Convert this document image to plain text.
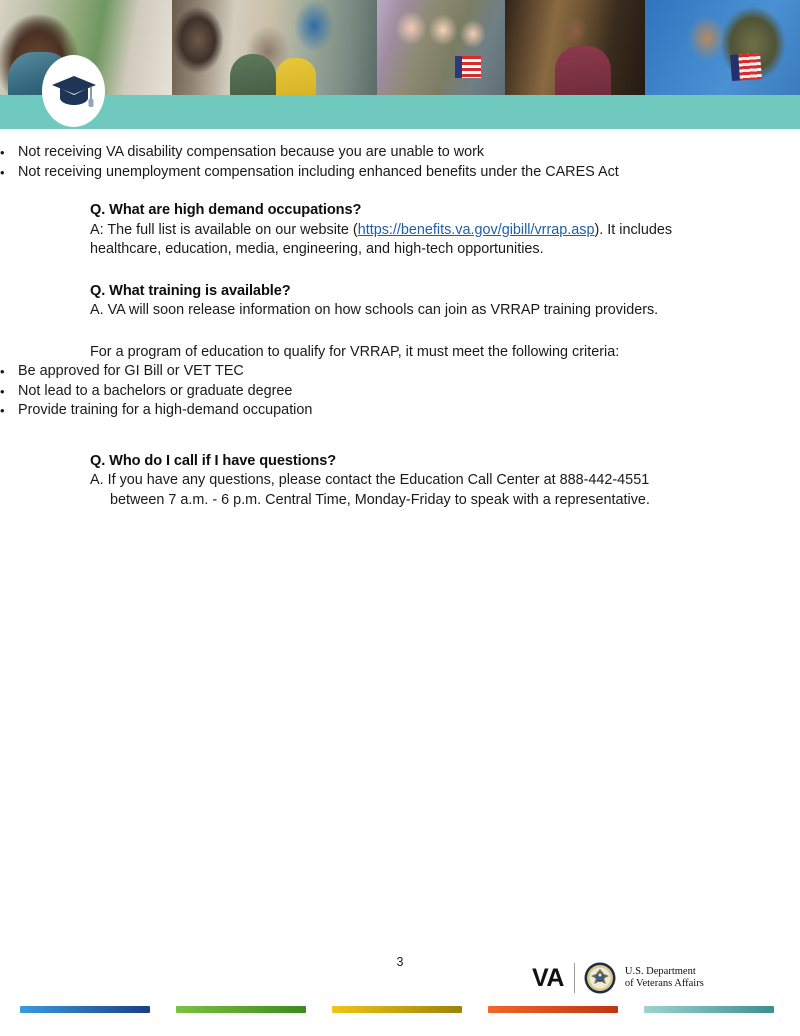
• Not receiving VA disability compensation because you are unable to work
• Not receiving unemployment compensation including enhanced benefits under the CARES Act
Q. What are high demand occupations?
A: The full list is available on our website (https://benefits.va.gov/gibill/vrrap.asp). It includes healthcare, education, media, engineering, and high-tech opportunities.
Q. What training is available?
A. VA will soon release information on how schools can join as VRRAP training providers.
For a program of education to qualify for VRRAP, it must meet the following criteria:
• Be approved for GI Bill or VET TEC
• Not lead to a bachelors or graduate degree
• Provide training for a high-demand occupation
Q. Who do I call if I have questions?
A. If you have any questions, please contact the Education Call Center at 888-442-4551 between 7 a.m. - 6 p.m. Central Time, Monday-Friday to speak with a representative.
3
VA	U.S. Department
of Veterans Affairs
